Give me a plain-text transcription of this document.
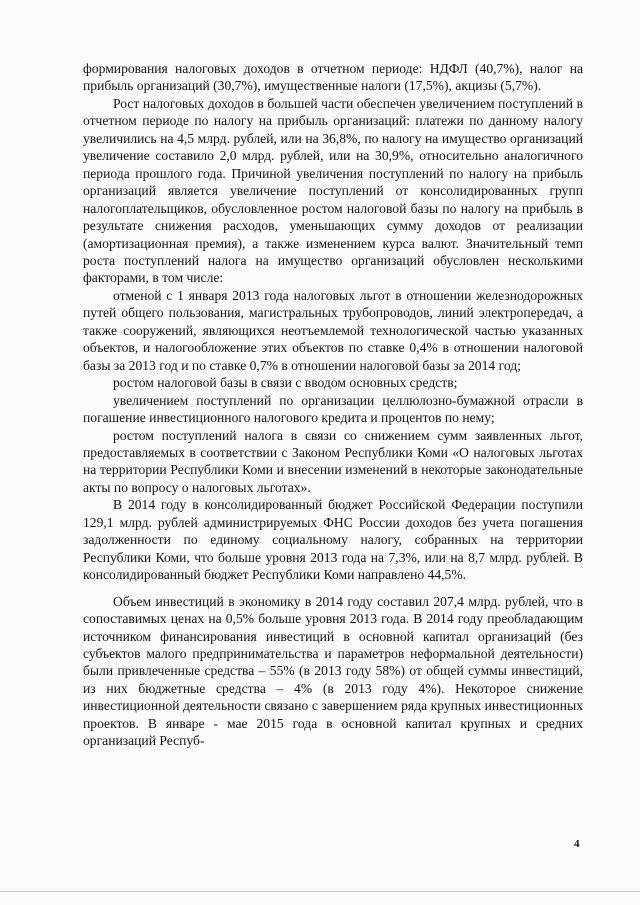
формирования налоговых доходов в отчетном периоде: НДФЛ (40,7%), налог на прибыль организаций (30,7%), имущественные налоги (17,5%), акцизы (5,7%).

Рост налоговых доходов в большей части обеспечен увеличением поступлений в отчетном периоде по налогу на прибыль организаций: платежи по данному налогу увеличились на 4,5 млрд. рублей, или на 36,8%, по налогу на имущество организаций увеличение составило 2,0 млрд. рублей, или на 30,9%, относительно аналогичного периода прошлого года. Причиной увеличения поступлений по налогу на прибыль организаций является увеличение поступлений от консолидированных групп налогоплательщиков, обусловленное ростом налоговой базы по налогу на прибыль в результате снижения расходов, уменьшающих сумму доходов от реализации (амортизационная премия), а также изменением курса валют. Значительный темп роста поступлений налога на имущество организаций обусловлен несколькими факторами, в том числе:

отменой с 1 января 2013 года налоговых льгот в отношении железнодорожных путей общего пользования, магистральных трубопроводов, линий электропередач, а также сооружений, являющихся неотъемлемой технологической частью указанных объектов, и налогообложение этих объектов по ставке 0,4% в отношении налоговой базы за 2013 год и по ставке 0,7% в отношении налоговой базы за 2014 год;

ростом налоговой базы в связи с вводом основных средств;

увеличением поступлений по организации целлюлозно-бумажной отрасли в погашение инвестиционного налогового кредита и процентов по нему;

ростом поступлений налога в связи со снижением сумм заявленных льгот, предоставляемых в соответствии с Законом Республики Коми «О налоговых льготах на территории Республики Коми и внесении изменений в некоторые законодательные акты по вопросу о налоговых льготах».

В 2014 году в консолидированный бюджет Российской Федерации поступили 129,1 млрд. рублей администрируемых ФНС России доходов без учета погашения задолженности по единому социальному налогу, собранных на территории Республики Коми, что больше уровня 2013 года на 7,3%, или на 8,7 млрд. рублей. В консолидированный бюджет Республики Коми направлено 44,5%.

Объем инвестиций в экономику в 2014 году составил 207,4 млрд. рублей, что в сопоставимых ценах на 0,5% больше уровня 2013 года. В 2014 году преобладающим источником финансирования инвестиций в основной капитал организаций (без субъектов малого предпринимательства и параметров неформальной деятельности) были привлеченные средства – 55% (в 2013 году 58%) от общей суммы инвестиций, из них бюджетные средства – 4% (в 2013 году 4%). Некоторое снижение инвестиционной деятельности связано с завершением ряда крупных инвестиционных проектов. В январе - мае 2015 года в основной капитал крупных и средних организаций Респуб-

4
